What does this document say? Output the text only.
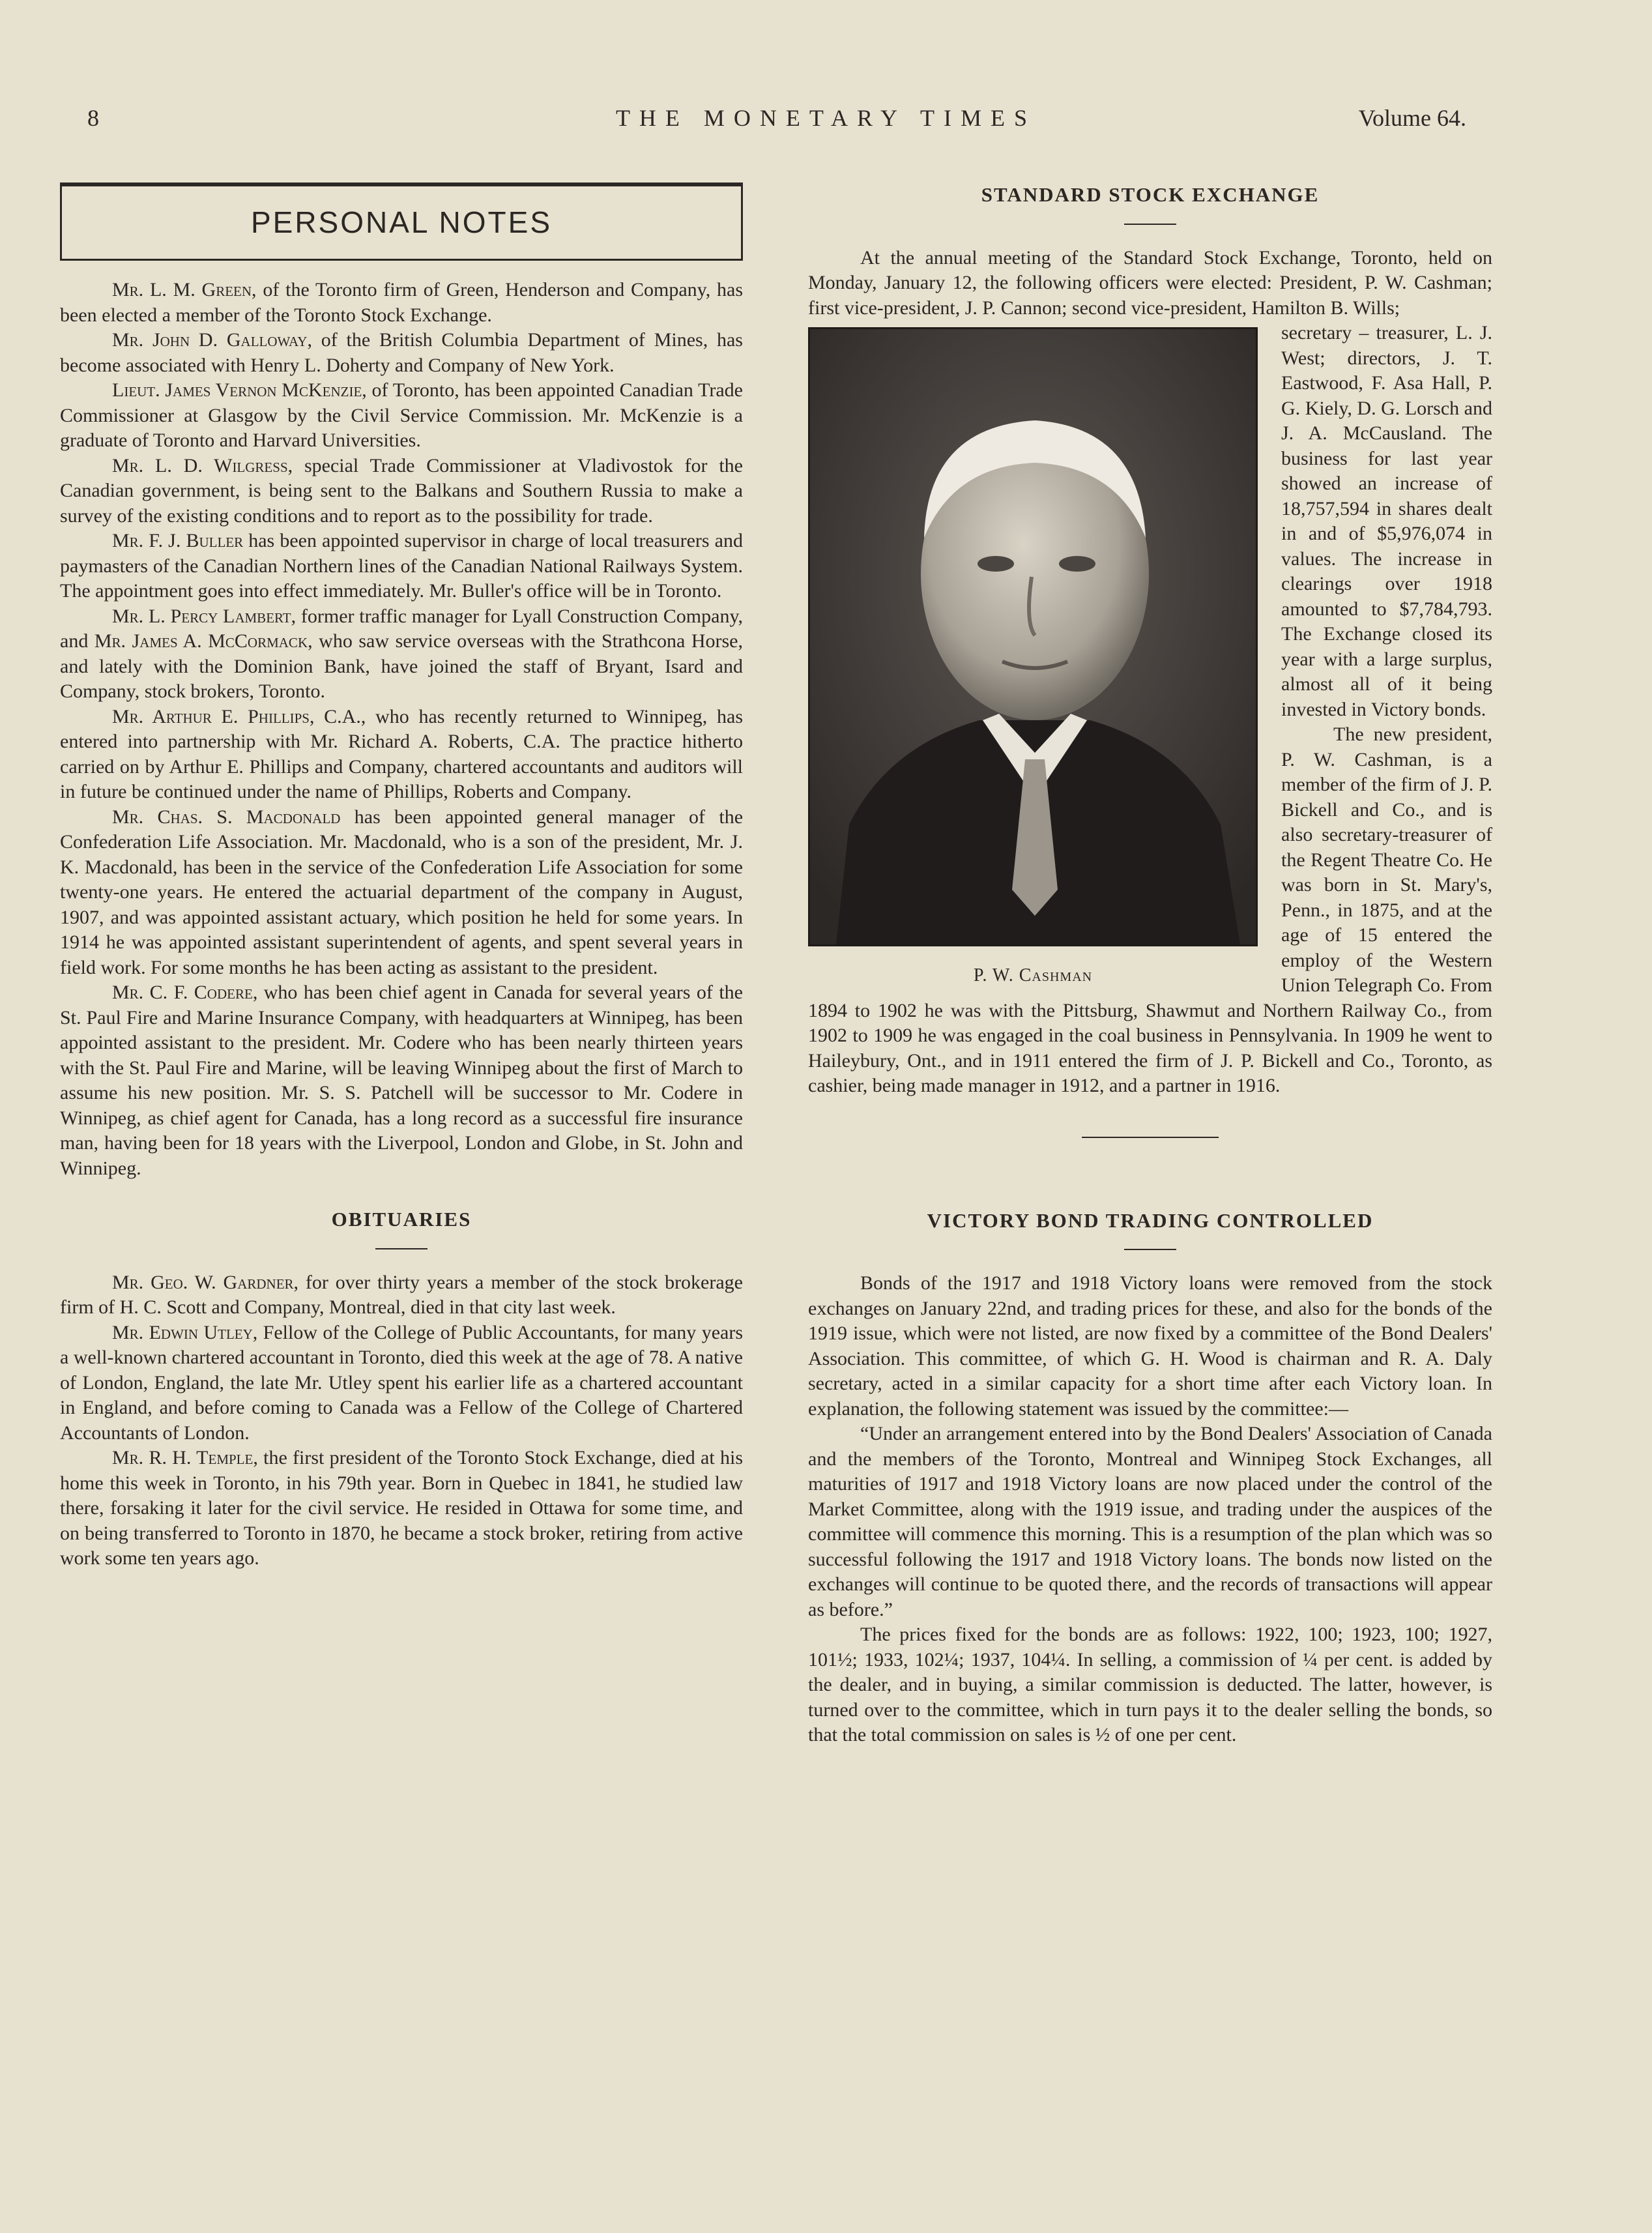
8	THE MONETARY TIMES	Volume 64.
PERSONAL NOTES

Mr. L. M. Green, of the Toronto firm of Green, Henderson and Company, has been elected a member of the Toronto Stock Exchange.

Mr. John D. Galloway, of the British Columbia Department of Mines, has become associated with Henry L. Doherty and Company of New York.

Lieut. James Vernon McKenzie, of Toronto, has been appointed Canadian Trade Commissioner at Glasgow by the Civil Service Commission. Mr. McKenzie is a graduate of Toronto and Harvard Universities.

Mr. L. D. Wilgress, special Trade Commissioner at Vladivostok for the Canadian government, is being sent to the Balkans and Southern Russia to make a survey of the existing conditions and to report as to the possibility for trade.

Mr. F. J. Buller has been appointed supervisor in charge of local treasurers and paymasters of the Canadian Northern lines of the Canadian National Railways System. The appointment goes into effect immediately. Mr. Buller's office will be in Toronto.

Mr. L. Percy Lambert, former traffic manager for Lyall Construction Company, and Mr. James A. McCormack, who saw service overseas with the Strathcona Horse, and lately with the Dominion Bank, have joined the staff of Bryant, Isard and Company, stock brokers, Toronto.

Mr. Arthur E. Phillips, C.A., who has recently returned to Winnipeg, has entered into partnership with Mr. Richard A. Roberts, C.A. The practice hitherto carried on by Arthur E. Phillips and Company, chartered accountants and auditors will in future be continued under the name of Phillips, Roberts and Company.

Mr. Chas. S. Macdonald has been appointed general manager of the Confederation Life Association. Mr. Macdonald, who is a son of the president, Mr. J. K. Macdonald, has been in the service of the Confederation Life Association for some twenty-one years. He entered the actuarial department of the company in August, 1907, and was appointed assistant actuary, which position he held for some years. In 1914 he was appointed assistant superintendent of agents, and spent several years in field work. For some months he has been acting as assistant to the president.

Mr. C. F. Codere, who has been chief agent in Canada for several years of the St. Paul Fire and Marine Insurance Company, with headquarters at Winnipeg, has been appointed assistant to the president. Mr. Codere who has been nearly thirteen years with the St. Paul Fire and Marine, will be leaving Winnipeg about the first of March to assume his new position. Mr. S. S. Patchell will be successor to Mr. Codere in Winnipeg, as chief agent for Canada, has a long record as a successful fire insurance man, having been for 18 years with the Liverpool, London and Globe, in St. John and Winnipeg.

OBITUARIES

Mr. Geo. W. Gardner, for over thirty years a member of the stock brokerage firm of H. C. Scott and Company, Montreal, died in that city last week.

Mr. Edwin Utley, Fellow of the College of Public Accountants, for many years a well-known chartered accountant in Toronto, died this week at the age of 78. A native of London, England, the late Mr. Utley spent his earlier life as a chartered accountant in England, and before coming to Canada was a Fellow of the College of Chartered Accountants of London.

Mr. R. H. Temple, the first president of the Toronto Stock Exchange, died at his home this week in Toronto, in his 79th year. Born in Quebec in 1841, he studied law there, forsaking it later for the civil service. He resided in Ottawa for some time, and on being transferred to Toronto in 1870, he became a stock broker, retiring from active work some ten years ago.

STANDARD STOCK EXCHANGE

At the annual meeting of the Standard Stock Exchange, Toronto, held on Monday, January 12, the following officers were elected: President, P. W. Cashman; first vice-president, J. P. Cannon; second vice-president, Hamilton B. Wills;

P. W. Cashman

secretary – treasurer, L. J. West; directors, J. T. Eastwood, F. Asa Hall, P. G. Kiely, D. G. Lorsch and J. A. McCausland. The business for last year showed an increase of 18,757,594 in shares dealt in and of $5,976,074 in values. The increase in clearings over 1918 amounted to $7,784,793. The Exchange closed its year with a large surplus, almost all of it being invested in Victory bonds.

The new president, P. W. Cashman, is a member of the firm of J. P. Bickell and Co., and is also secretary-treasurer of the Regent Theatre Co. He was born in St. Mary's, Penn., in 1875, and at the age of 15 entered the employ of the Western Union Telegraph Co. From 1894 to 1902 he was with the Pittsburg, Shawmut and Northern Railway Co., from 1902 to 1909 he was engaged in the coal business in Pennsylvania. In 1909 he went to Haileybury, Ont., and in 1911 entered the firm of J. P. Bickell and Co., Toronto, as cashier, being made manager in 1912, and a partner in 1916.

VICTORY BOND TRADING CONTROLLED

Bonds of the 1917 and 1918 Victory loans were removed from the stock exchanges on January 22nd, and trading prices for these, and also for the bonds of the 1919 issue, which were not listed, are now fixed by a committee of the Bond Dealers' Association. This committee, of which G. H. Wood is chairman and R. A. Daly secretary, acted in a similar capacity for a short time after each Victory loan. In explanation, the following statement was issued by the committee:—

“Under an arrangement entered into by the Bond Dealers' Association of Canada and the members of the Toronto, Montreal and Winnipeg Stock Exchanges, all maturities of 1917 and 1918 Victory loans are now placed under the control of the Market Committee, along with the 1919 issue, and trading under the auspices of the committee will commence this morning. This is a resumption of the plan which was so successful following the 1917 and 1918 Victory loans. The bonds now listed on the exchanges will continue to be quoted there, and the records of transactions will appear as before.”

The prices fixed for the bonds are as follows: 1922, 100; 1923, 100; 1927, 101½; 1933, 102¼; 1937, 104¼. In selling, a commission of ¼ per cent. is added by the dealer, and in buying, a similar commission is deducted. The latter, however, is turned over to the committee, which in turn pays it to the dealer selling the bonds, so that the total commission on sales is ½ of one per cent.
